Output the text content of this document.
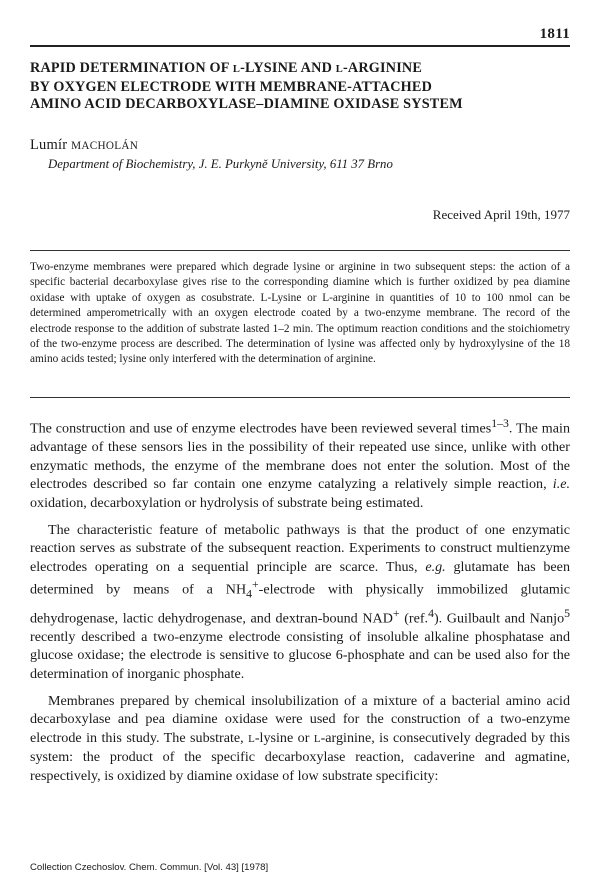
1811
RAPID DETERMINATION OF L-LYSINE AND L-ARGININE
BY OXYGEN ELECTRODE WITH MEMBRANE-ATTACHED
AMINO ACID DECARBOXYLASE–DIAMINE OXIDASE SYSTEM
Lumír MACHOLÁN
Department of Biochemistry, J. E. Purkyně University, 611 37 Brno
Received April 19th, 1977

Two-enzyme membranes were prepared which degrade lysine or arginine in two subsequent steps: the action of a specific bacterial decarboxylase gives rise to the corresponding diamine which is further oxidized by pea diamine oxidase with uptake of oxygen as cosubstrate. L-Lysine or L-arginine in quantities of 10 to 100 nmol can be determined amperometrically with an oxygen electrode coated by a two-enzyme membrane. The record of the electrode response to the addition of substrate lasted 1–2 min. The optimum reaction conditions and the stoichiometry of the two-enzyme process are described. The determination of lysine was affected only by hydroxylysine of the 18 amino acids tested; lysine only interfered with the determination of arginine.

The construction and use of enzyme electrodes have been reviewed several times$^{1-3}$. The main advantage of these sensors lies in the possibility of their repeated use since, unlike with other enzymatic methods, the enzyme of the membrane does not enter the solution. Most of the electrodes described so far contain one enzyme catalyzing a relatively simple reaction, i.e. oxidation, decarboxylation or hydrolysis of substrate being estimated.

The characteristic feature of metabolic pathways is that the product of one enzymatic reaction serves as substrate of the subsequent reaction. Experiments to construct multienzyme electrodes operating on a sequential principle are scarce. Thus, e.g. glutamate has been determined by means of a $NH_4^+$-electrode with physically immobilized glutamic dehydrogenase, lactic dehydrogenase, and dextran-bound NAD+ (ref.$^4$). Guilbault and Nanjo$^5$ recently described a two-enzyme electrode consisting of insoluble alkaline phosphatase and glucose oxidase; the electrode is sensitive to glucose 6-phosphate and can be used also for the determination of inorganic phosphate.

Membranes prepared by chemical insolubilization of a mixture of a bacterial amino acid decarboxylase and pea diamine oxidase were used for the construction of a two-enzyme electrode in this study. The substrate, L-lysine or L-arginine, is consecutively degraded by this system: the product of the specific decarboxylase reaction, cadaverine and agmatine, respectively, is oxidized by diamine oxidase of low substrate specificity:

Collection Czechoslov. Chem. Commun. [Vol. 43] [1978]
